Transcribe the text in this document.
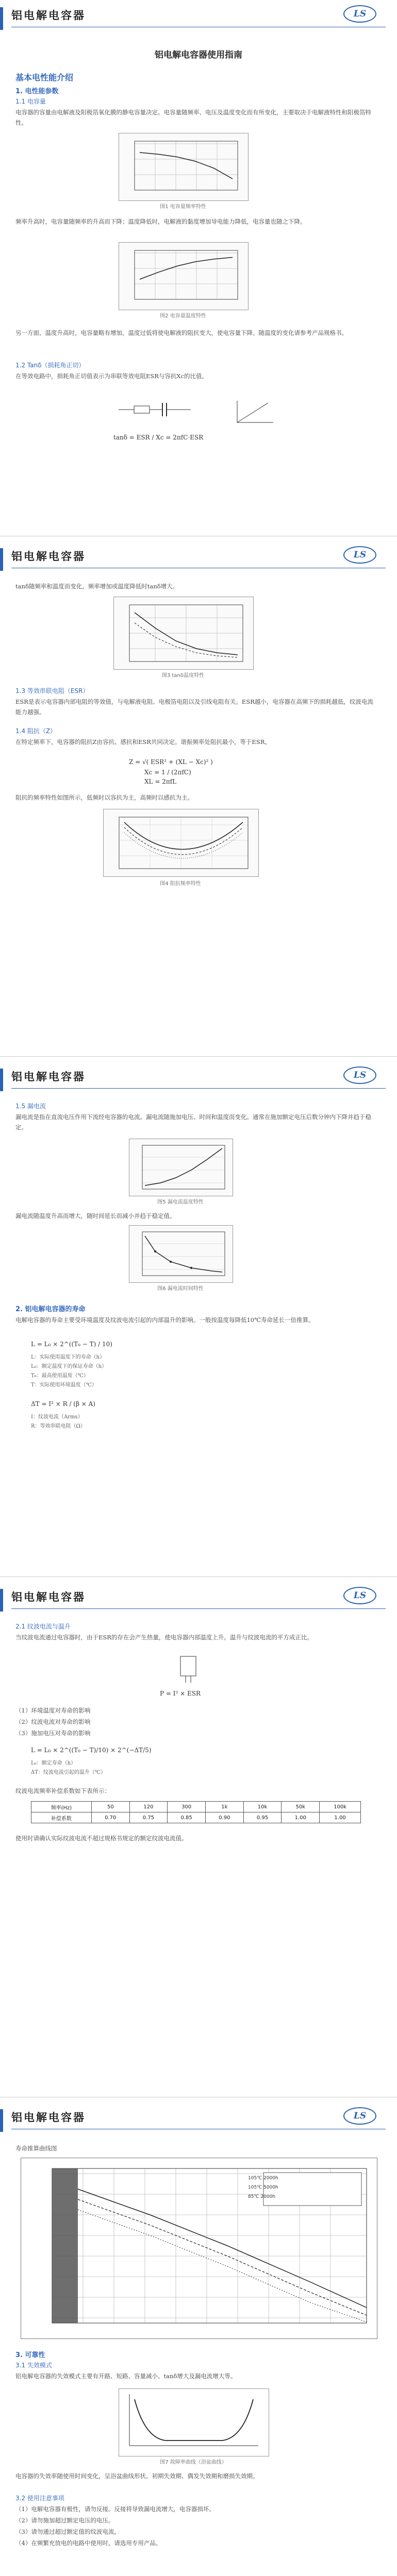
铝电解电容器	LS
铝电解电容器使用指南
基本电性能介绍
1. 电性能参数
1.1 电容量
电容器的容量由电解液及阳极箔氧化膜的静电容量决定。电容量随频率、电压及温度变化而有所变化，主要取决于电解液特性和阳极箔特性。
图1 电容量频率特性
频率升高时，电容量随频率的升高而下降；温度降低时，电解液的黏度增加导电能力降低，电容量也随之下降。
图2 电容量温度特性
另一方面，温度升高时，电容量略有增加，温度过低将使电解液的阻抗变大，使电容量下降。随温度的变化请参考产品规格书。
1.2 Tanδ（损耗角正切）
在等效电路中，损耗角正切值表示为串联等效电阻ESR与容抗Xc的比值。
tanδ = ESR / Xc = 2πfC·ESR
铝电解电容器	LS
tanδ随频率和温度而变化，频率增加或温度降低时tanδ增大。
图3 tanδ温度特性
1.3 等效串联电阻（ESR）
ESR是表示电容器内部电阻的等效值，与电解液电阻、电极箔电阻以及引线电阻有关。ESR越小，电容器在高频下的损耗越低，纹波电流能力越强。
1.4 阻抗（Z）
在特定频率下，电容器的阻抗Z由容抗、感抗和ESR共同决定。谐振频率处阻抗最小，等于ESR。
Z = √( ESR² + (XL − Xc)² )
Xc = 1 / (2πfC)
XL = 2πfL
阻抗的频率特性如图所示，低频时以容抗为主，高频时以感抗为主。
图4 阻抗频率特性
铝电解电容器	LS
1.5 漏电流
漏电流是指在直流电压作用下流经电容器的电流。漏电流随施加电压、时间和温度而变化。通常在施加额定电压后数分钟内下降并趋于稳定。
图5 漏电流温度特性
漏电流随温度升高而增大，随时间延长而减小并趋于稳定值。
图6 漏电流时间特性
2. 铝电解电容器的寿命
电解电容器的寿命主要受环境温度及纹波电流引起的内部温升的影响。一般按温度每降低10℃寿命延长一倍推算。
L = L₀ × 2^((T₀ − T) / 10)
L：实际使用温度下的寿命（h）
L₀：额定温度下的保证寿命（h）
T₀：最高使用温度（℃）
T：实际使用环境温度（℃）
ΔT = I² × R / (β × A)
I：纹波电流（Arms）
R：等效串联电阻（Ω）
铝电解电容器	LS
2.1 纹波电流与温升
当纹波电流通过电容器时，由于ESR的存在会产生热量，使电容器内部温度上升。温升与纹波电流的平方成正比。
P = I² × ESR
（1）环境温度对寿命的影响
（2）纹波电流对寿命的影响
（3）施加电压对寿命的影响
L = L₀ × 2^((T₀ − T)/10) × 2^(−ΔT/5)
L₀：额定寿命（h）
ΔT：纹波电流引起的温升（℃）
纹波电流频率补偿系数如下表所示：
频率(Hz)	50	120	300	1k	10k	50k	100k
补偿系数	0.70	0.75	0.85	0.90	0.95	1.00	1.00
使用时请确认实际纹波电流不超过规格书规定的额定纹波电流值。
铝电解电容器	LS
寿命推算曲线图
105℃ 2000h
105℃ 5000h
85℃ 2000h
3. 可靠性
3.1 失效模式
铝电解电容器的失效模式主要有开路、短路、容量减小、tanδ增大及漏电流增大等。
图7 故障率曲线（浴盆曲线）
电容器的失效率随使用时间变化，呈浴盆曲线形状。初期失效期、偶发失效期和磨损失效期。
3.2 使用注意事项
（1）电解电容器有极性，请勿反接。反接将导致漏电流增大，电容器损坏。
（2）请勿施加超过额定电压的电压。
（3）请勿通过超过额定值的纹波电流。
（4）在频繁充放电的电路中使用时，请选用专用产品。
